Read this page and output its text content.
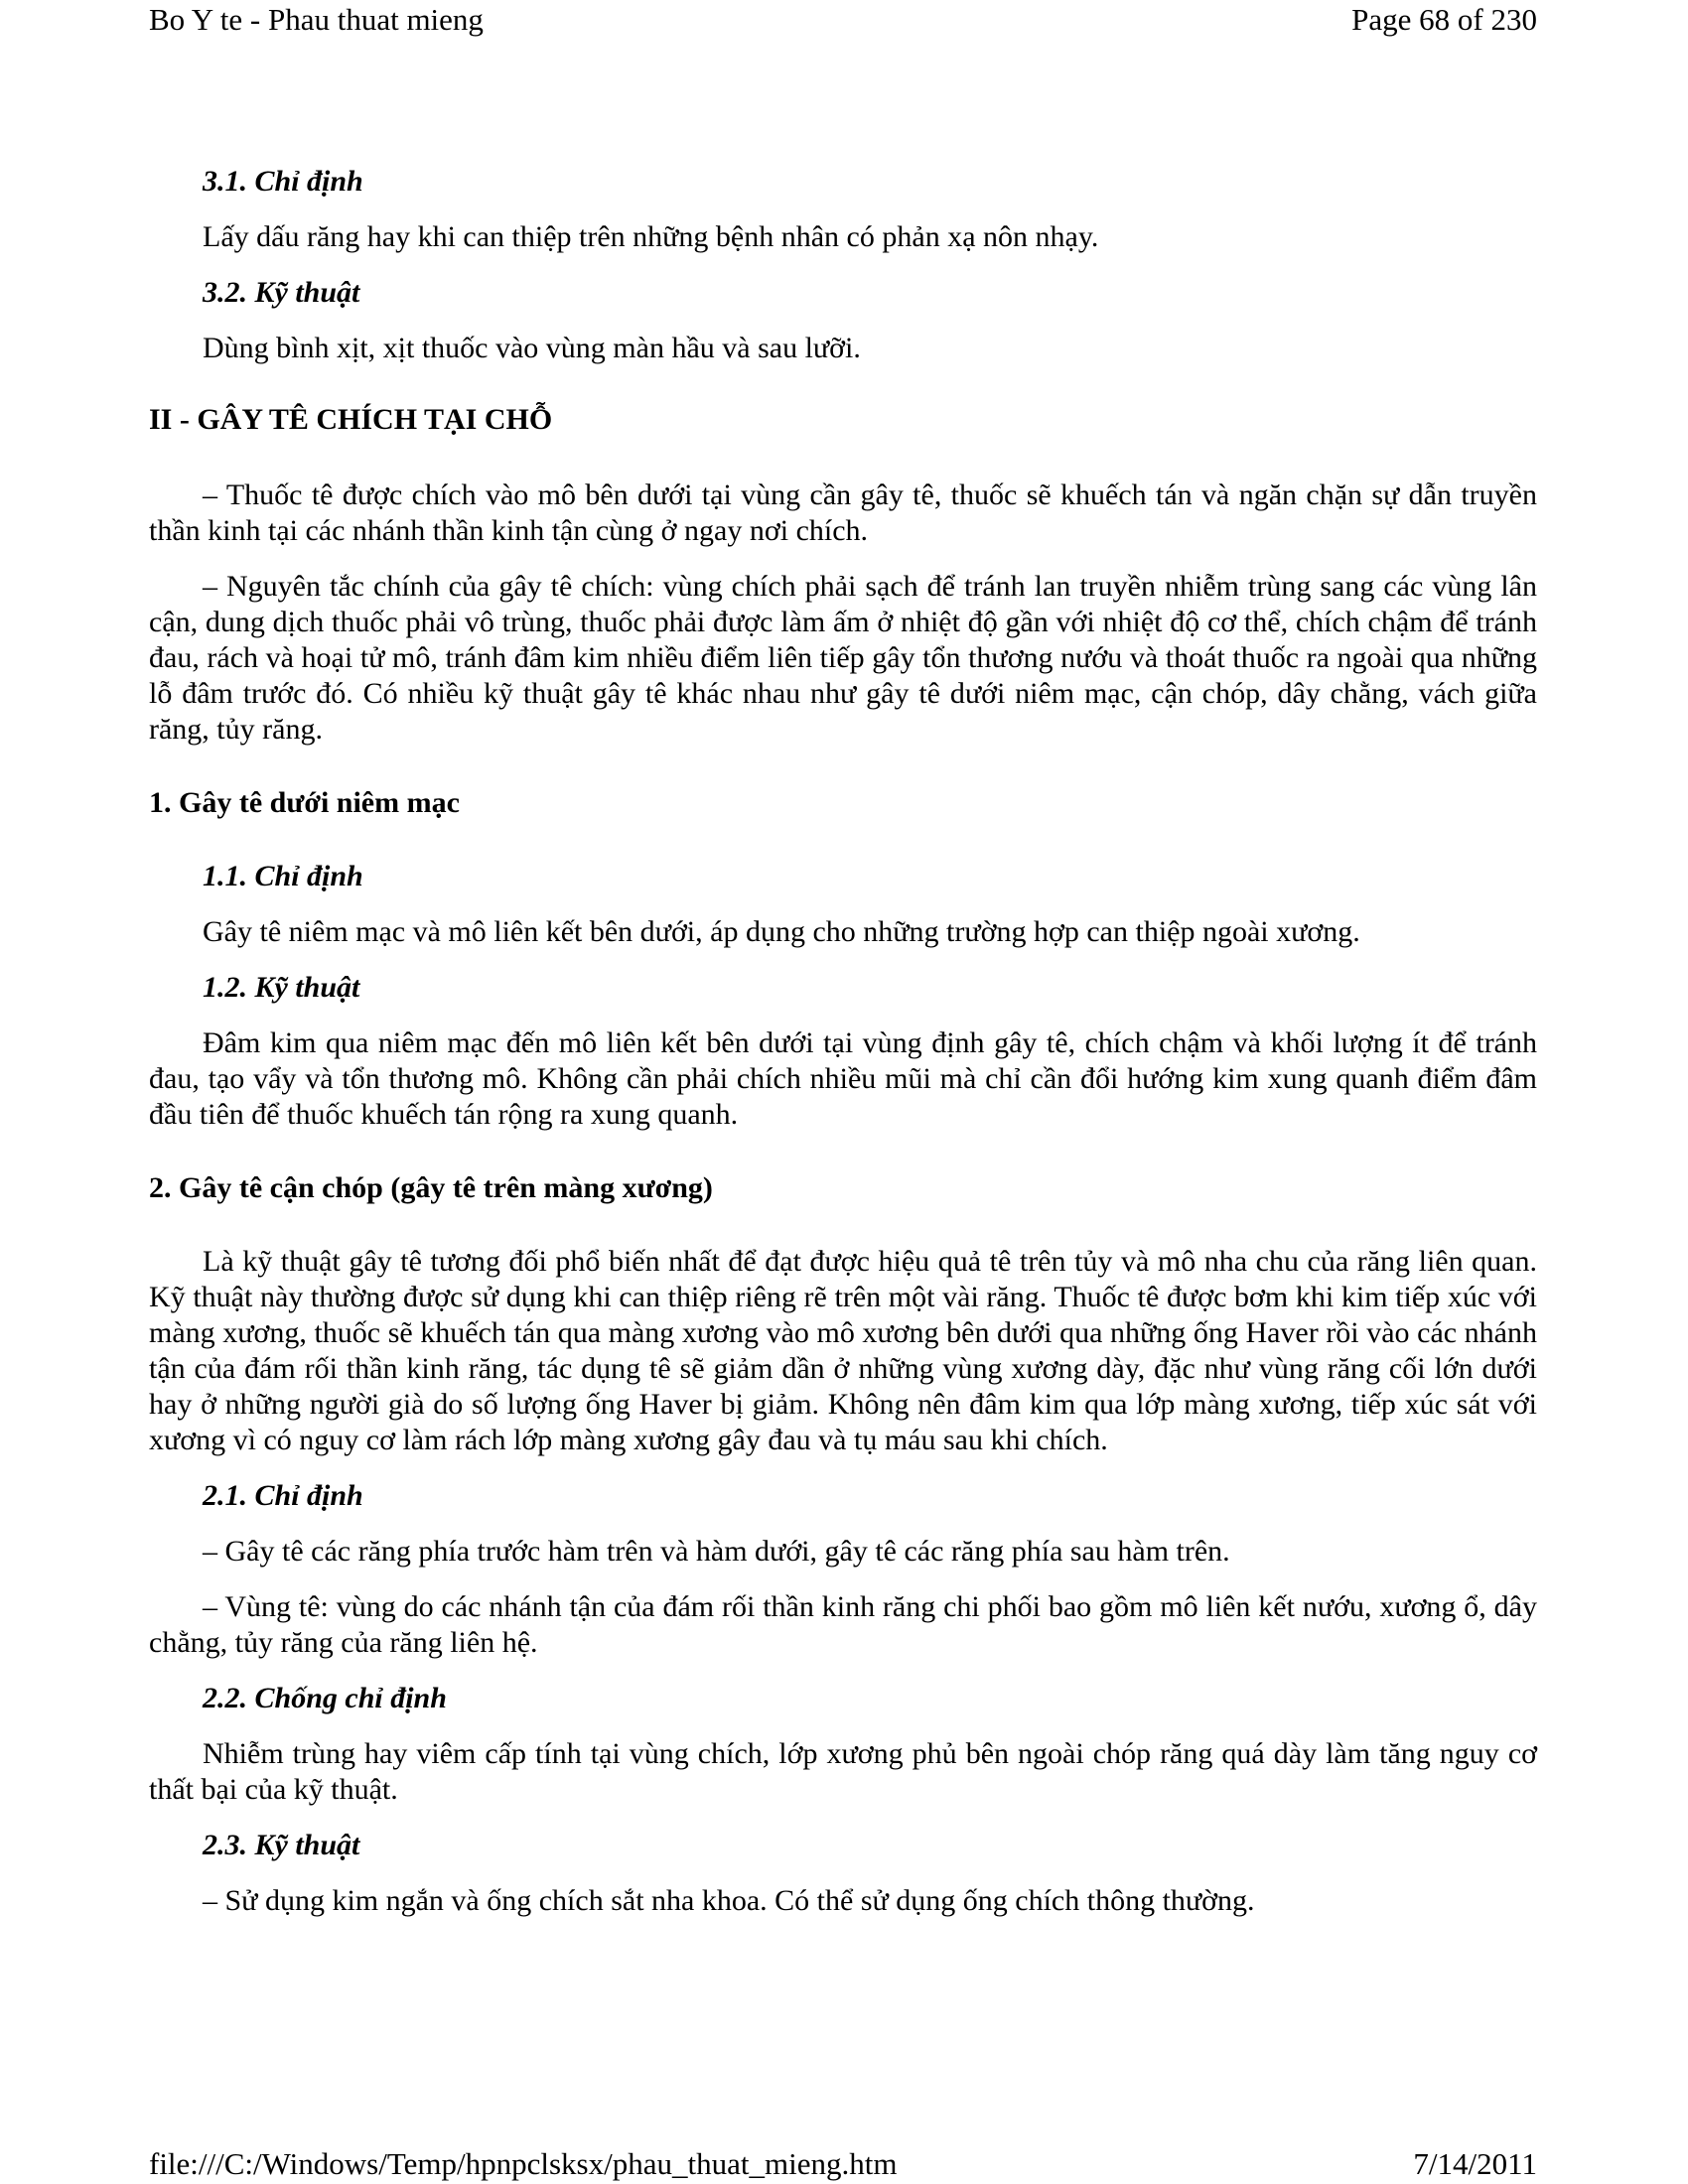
Bo Y te - Phau thuat mieng	Page 68 of 230
3.1. Chỉ định
Lấy dấu răng hay khi can thiệp trên những bệnh nhân có phản xạ nôn nhạy.
3.2. Kỹ thuật
Dùng bình xịt, xịt thuốc vào vùng màn hầu và sau lưỡi.
II - GÂY TÊ CHÍCH TẠI CHỖ
– Thuốc tê được chích vào mô bên dưới tại vùng cần gây tê, thuốc sẽ khuếch tán và ngăn chặn sự dẫn truyền thần kinh tại các nhánh thần kinh tận cùng ở ngay nơi chích.
– Nguyên tắc chính của gây tê chích: vùng chích phải sạch để tránh lan truyền nhiễm trùng sang các vùng lân cận, dung dịch thuốc phải vô trùng, thuốc phải được làm ấm ở nhiệt độ gần với nhiệt độ cơ thể, chích chậm để tránh đau, rách và hoại tử mô, tránh đâm kim nhiều điểm liên tiếp gây tổn thương nướu và thoát thuốc ra ngoài qua những lỗ đâm trước đó. Có nhiều kỹ thuật gây tê khác nhau như gây tê dưới niêm mạc, cận chóp, dây chằng, vách giữa răng, tủy răng.
1. Gây tê dưới niêm mạc
1.1. Chỉ định
Gây tê niêm mạc và mô liên kết bên dưới, áp dụng cho những trường hợp can thiệp ngoài xương.
1.2. Kỹ thuật
Đâm kim qua niêm mạc đến mô liên kết bên dưới tại vùng định gây tê, chích chậm và khối lượng ít để tránh đau, tạo vẩy và tổn thương mô. Không cần phải chích nhiều mũi mà chỉ cần đổi hướng kim xung quanh điểm đâm đầu tiên để thuốc khuếch tán rộng ra xung quanh.
2. Gây tê cận chóp (gây tê trên màng xương)
Là kỹ thuật gây tê tương đối phổ biến nhất để đạt được hiệu quả tê trên tủy và mô nha chu của răng liên quan. Kỹ thuật này thường được sử dụng khi can thiệp riêng rẽ trên một vài răng. Thuốc tê được bơm khi kim tiếp xúc với màng xương, thuốc sẽ khuếch tán qua màng xương vào mô xương bên dưới qua những ống Haver rồi vào các nhánh tận của đám rối thần kinh răng, tác dụng tê sẽ giảm dần ở những vùng xương dày, đặc như vùng răng cối lớn dưới hay ở những người già do số lượng ống Haver bị giảm. Không nên đâm kim qua lớp màng xương, tiếp xúc sát với xương vì có nguy cơ làm rách lớp màng xương gây đau và tụ máu sau khi chích.
2.1. Chỉ định
– Gây tê các răng phía trước hàm trên và hàm dưới, gây tê các răng phía sau hàm trên.
– Vùng tê: vùng do các nhánh tận của đám rối thần kinh răng chi phối bao gồm mô liên kết nướu, xương ổ, dây chằng, tủy răng của răng liên hệ.
2.2. Chống chỉ định
Nhiễm trùng hay viêm cấp tính tại vùng chích, lớp xương phủ bên ngoài chóp răng quá dày làm tăng nguy cơ thất bại của kỹ thuật.
2.3. Kỹ thuật
– Sử dụng kim ngắn và ống chích sắt nha khoa. Có thể sử dụng ống chích thông thường.
file:///C:/Windows/Temp/hpnpclsksx/phau_thuat_mieng.htm	7/14/2011
